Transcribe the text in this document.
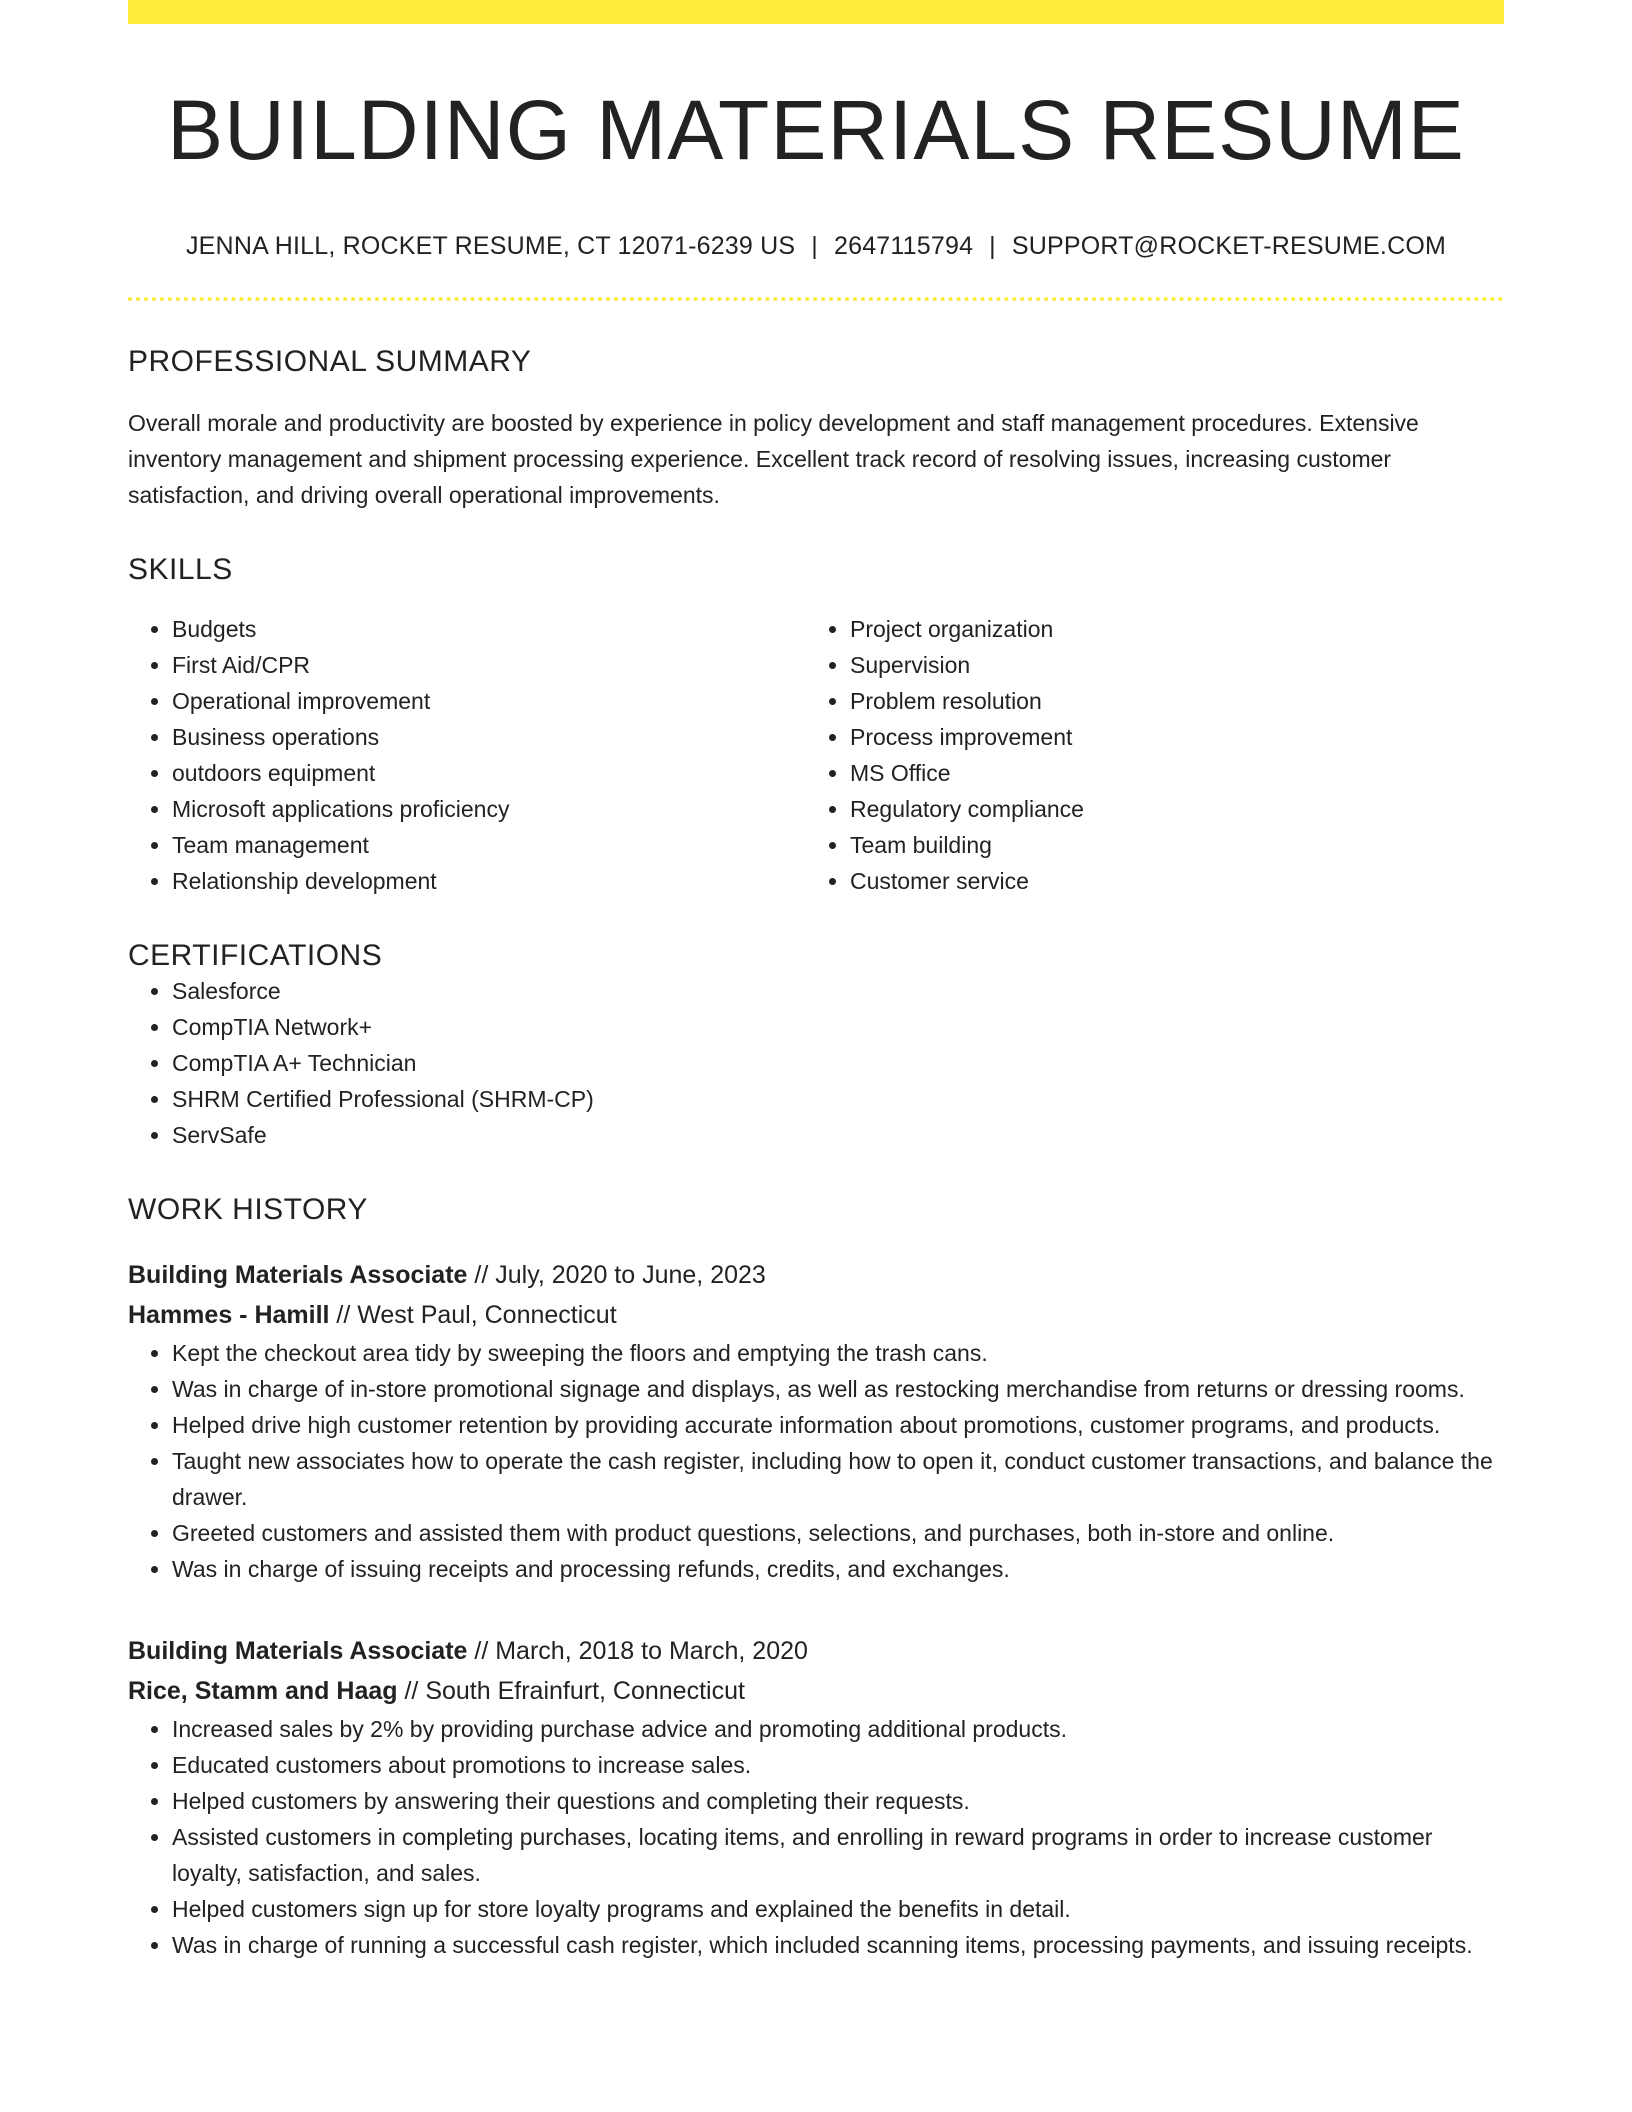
BUILDING MATERIALS RESUME
JENNA HILL, ROCKET RESUME, CT 12071-6239 US | 2647115794 | SUPPORT@ROCKET-RESUME.COM
PROFESSIONAL SUMMARY
Overall morale and productivity are boosted by experience in policy development and staff management procedures. Extensive inventory management and shipment processing experience. Excellent track record of resolving issues, increasing customer satisfaction, and driving overall operational improvements.
SKILLS
• Budgets
• First Aid/CPR
• Operational improvement
• Business operations
• outdoors equipment
• Microsoft applications proficiency
• Team management
• Relationship development
• Project organization
• Supervision
• Problem resolution
• Process improvement
• MS Office
• Regulatory compliance
• Team building
• Customer service
CERTIFICATIONS
• Salesforce
• CompTIA Network+
• CompTIA A+ Technician
• SHRM Certified Professional (SHRM-CP)
• ServSafe
WORK HISTORY
Building Materials Associate // July, 2020 to June, 2023
Hammes - Hamill // West Paul, Connecticut
• Kept the checkout area tidy by sweeping the floors and emptying the trash cans.
• Was in charge of in-store promotional signage and displays, as well as restocking merchandise from returns or dressing rooms.
• Helped drive high customer retention by providing accurate information about promotions, customer programs, and products.
• Taught new associates how to operate the cash register, including how to open it, conduct customer transactions, and balance the drawer.
• Greeted customers and assisted them with product questions, selections, and purchases, both in-store and online.
• Was in charge of issuing receipts and processing refunds, credits, and exchanges.
Building Materials Associate // March, 2018 to March, 2020
Rice, Stamm and Haag // South Efrainfurt, Connecticut
• Increased sales by 2% by providing purchase advice and promoting additional products.
• Educated customers about promotions to increase sales.
• Helped customers by answering their questions and completing their requests.
• Assisted customers in completing purchases, locating items, and enrolling in reward programs in order to increase customer loyalty, satisfaction, and sales.
• Helped customers sign up for store loyalty programs and explained the benefits in detail.
• Was in charge of running a successful cash register, which included scanning items, processing payments, and issuing receipts.
